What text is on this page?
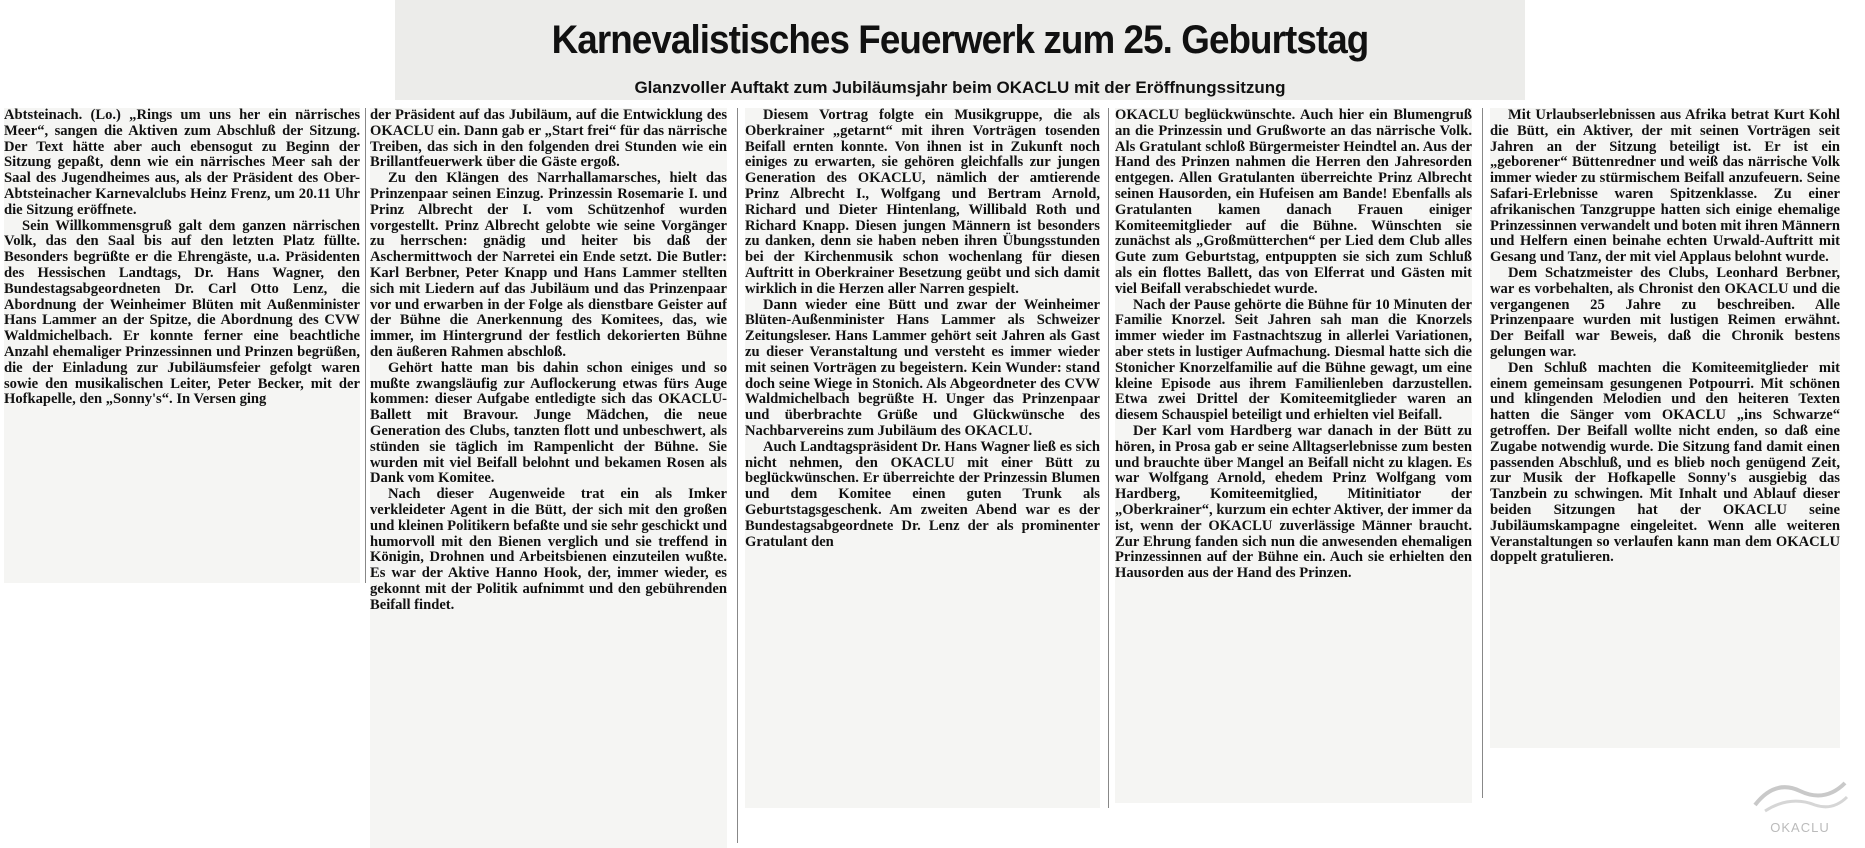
Karnevalistisches Feuerwerk zum 25. Geburtstag
Glanzvoller Auftakt zum Jubiläumsjahr beim OKACLU mit der Eröffnungssitzung

Abtsteinach. (Lo.) „Rings um uns her ein närrisches Meer“, sangen die Aktiven zum Abschluß der Sitzung. Der Text hätte aber auch ebensogut zu Beginn der Sitzung gepaßt, denn wie ein närrisches Meer sah der Saal des Jugendheimes aus, als der Präsident des Ober-Abtsteinacher Karnevalclubs Heinz Frenz, um 20.11 Uhr die Sitzung eröffnete.

Sein Willkommensgruß galt dem ganzen närrischen Volk, das den Saal bis auf den letzten Platz füllte. Besonders begrüßte er die Ehrengäste, u.a. Präsidenten des Hessischen Landtags, Dr. Hans Wagner, den Bundestagsabgeordneten Dr. Carl Otto Lenz, die Abordnung der Weinheimer Blüten mit Außenminister Hans Lammer an der Spitze, die Abordnung des CVW Waldmichelbach. Er konnte ferner eine beachtliche Anzahl ehemaliger Prinzessinnen und Prinzen begrüßen, die der Einladung zur Jubiläumsfeier gefolgt waren sowie den musikalischen Leiter, Peter Becker, mit der Hofkapelle, den „Sonny's“. In Versen ging

der Präsident auf das Jubiläum, auf die Entwicklung des OKACLU ein. Dann gab er „Start frei“ für das närrische Treiben, das sich in den folgenden drei Stunden wie ein Brillantfeuerwerk über die Gäste ergoß.

Zu den Klängen des Narrhallamarsches, hielt das Prinzenpaar seinen Einzug. Prinzessin Rosemarie I. und Prinz Albrecht der I. vom Schützenhof wurden vorgestellt. Prinz Albrecht gelobte wie seine Vorgänger zu herrschen: gnädig und heiter bis daß der Aschermittwoch der Narretei ein Ende setzt. Die Butler: Karl Berbner, Peter Knapp und Hans Lammer stellten sich mit Liedern auf das Jubiläum und das Prinzenpaar vor und erwarben in der Folge als dienstbare Geister auf der Bühne die Anerkennung des Komitees, das, wie immer, im Hintergrund der festlich dekorierten Bühne den äußeren Rahmen abschloß.

Gehört hatte man bis dahin schon einiges und so mußte zwangsläufig zur Auflockerung etwas fürs Auge kommen: dieser Aufgabe entledigte sich das OKACLU-Ballett mit Bravour. Junge Mädchen, die neue Generation des Clubs, tanzten flott und unbeschwert, als stünden sie täglich im Rampenlicht der Bühne. Sie wurden mit viel Beifall belohnt und bekamen Rosen als Dank vom Komitee.

Nach dieser Augenweide trat ein als Imker verkleideter Agent in die Bütt, der sich mit den großen und kleinen Politikern befaßte und sie sehr geschickt und humorvoll mit den Bienen verglich und sie treffend in Königin, Drohnen und Arbeitsbienen einzuteilen wußte. Es war der Aktive Hanno Hook, der, immer wieder, es gekonnt mit der Politik aufnimmt und den gebührenden Beifall findet.

Diesem Vortrag folgte ein Musikgruppe, die als Oberkrainer „getarnt“ mit ihren Vorträgen tosenden Beifall ernten konnte. Von ihnen ist in Zukunft noch einiges zu erwarten, sie gehören gleichfalls zur jungen Generation des OKACLU, nämlich der amtierende Prinz Albrecht I., Wolfgang und Bertram Arnold, Richard und Dieter Hintenlang, Willibald Roth und Richard Knapp. Diesen jungen Männern ist besonders zu danken, denn sie haben neben ihren Übungsstunden bei der Kirchenmusik schon wochenlang für diesen Auftritt in Oberkrainer Besetzung geübt und sich damit wirklich in die Herzen aller Narren gespielt.

Dann wieder eine Bütt und zwar der Weinheimer Blüten-Außenminister Hans Lammer als Schweizer Zeitungsleser. Hans Lammer gehört seit Jahren als Gast zu dieser Veranstaltung und versteht es immer wieder mit seinen Vorträgen zu begeistern. Kein Wunder: stand doch seine Wiege in Stonich. Als Abgeordneter des CVW Waldmichelbach begrüßte H. Unger das Prinzenpaar und überbrachte Grüße und Glückwünsche des Nachbarvereins zum Jubiläum des OKACLU.

Auch Landtagspräsident Dr. Hans Wagner ließ es sich nicht nehmen, den OKACLU mit einer Bütt zu beglückwünschen. Er überreichte der Prinzessin Blumen und dem Komitee einen guten Trunk als Geburtstagsgeschenk. Am zweiten Abend war es der Bundestagsabgeordnete Dr. Lenz der als prominenter Gratulant den

OKACLU beglückwünschte. Auch hier ein Blumengruß an die Prinzessin und Grußworte an das närrische Volk. Als Gratulant schloß Bürgermeister Heindtel an. Aus der Hand des Prinzen nahmen die Herren den Jahresorden entgegen. Allen Gratulanten überreichte Prinz Albrecht seinen Hausorden, ein Hufeisen am Bande! Ebenfalls als Gratulanten kamen danach Frauen einiger Komiteemitglieder auf die Bühne. Wünschten sie zunächst als „Großmütterchen“ per Lied dem Club alles Gute zum Geburtstag, entpuppten sie sich zum Schluß als ein flottes Ballett, das von Elferrat und Gästen mit viel Beifall verabschiedet wurde.

Nach der Pause gehörte die Bühne für 10 Minuten der Familie Knorzel. Seit Jahren sah man die Knorzels immer wieder im Fastnachtszug in allerlei Variationen, aber stets in lustiger Aufmachung. Diesmal hatte sich die Stonicher Knorzelfamilie auf die Bühne gewagt, um eine kleine Episode aus ihrem Familienleben darzustellen. Etwa zwei Drittel der Komiteemitglieder waren an diesem Schauspiel beteiligt und erhielten viel Beifall.

Der Karl vom Hardberg war danach in der Bütt zu hören, in Prosa gab er seine Alltagserlebnisse zum besten und brauchte über Mangel an Beifall nicht zu klagen. Es war Wolfgang Arnold, ehedem Prinz Wolfgang vom Hardberg, Komiteemitglied, Mitinitiator der „Oberkrainer“, kurzum ein echter Aktiver, der immer da ist, wenn der OKACLU zuverlässige Männer braucht. Zur Ehrung fanden sich nun die anwesenden ehemaligen Prinzessinnen auf der Bühne ein. Auch sie erhielten den Hausorden aus der Hand des Prinzen.

Mit Urlaubserlebnissen aus Afrika betrat Kurt Kohl die Bütt, ein Aktiver, der mit seinen Vorträgen seit Jahren an der Sitzung beteiligt ist. Er ist ein „geborener“ Büttenredner und weiß das närrische Volk immer wieder zu stürmischem Beifall anzufeuern. Seine Safari-Erlebnisse waren Spitzenklasse. Zu einer afrikanischen Tanzgruppe hatten sich einige ehemalige Prinzessinnen verwandelt und boten mit ihren Männern und Helfern einen beinahe echten Urwald-Auftritt mit Gesang und Tanz, der mit viel Applaus belohnt wurde.

Dem Schatzmeister des Clubs, Leonhard Berbner, war es vorbehalten, als Chronist den OKACLU und die vergangenen 25 Jahre zu beschreiben. Alle Prinzenpaare wurden mit lustigen Reimen erwähnt. Der Beifall war Beweis, daß die Chronik bestens gelungen war.

Den Schluß machten die Komiteemitglieder mit einem gemeinsam gesungenen Potpourri. Mit schönen und klingenden Melodien und den heiteren Texten hatten die Sänger vom OKACLU „ins Schwarze“ getroffen. Der Beifall wollte nicht enden, so daß eine Zugabe notwendig wurde. Die Sitzung fand damit einen passenden Abschluß, und es blieb noch genügend Zeit, zur Musik der Hofkapelle Sonny's ausgiebig das Tanzbein zu schwingen. Mit Inhalt und Ablauf dieser beiden Sitzungen hat der OKACLU seine Jubiläumskampagne eingeleitet. Wenn alle weiteren Veranstaltungen so verlaufen kann man dem OKACLU doppelt gratulieren.

OKACLU
